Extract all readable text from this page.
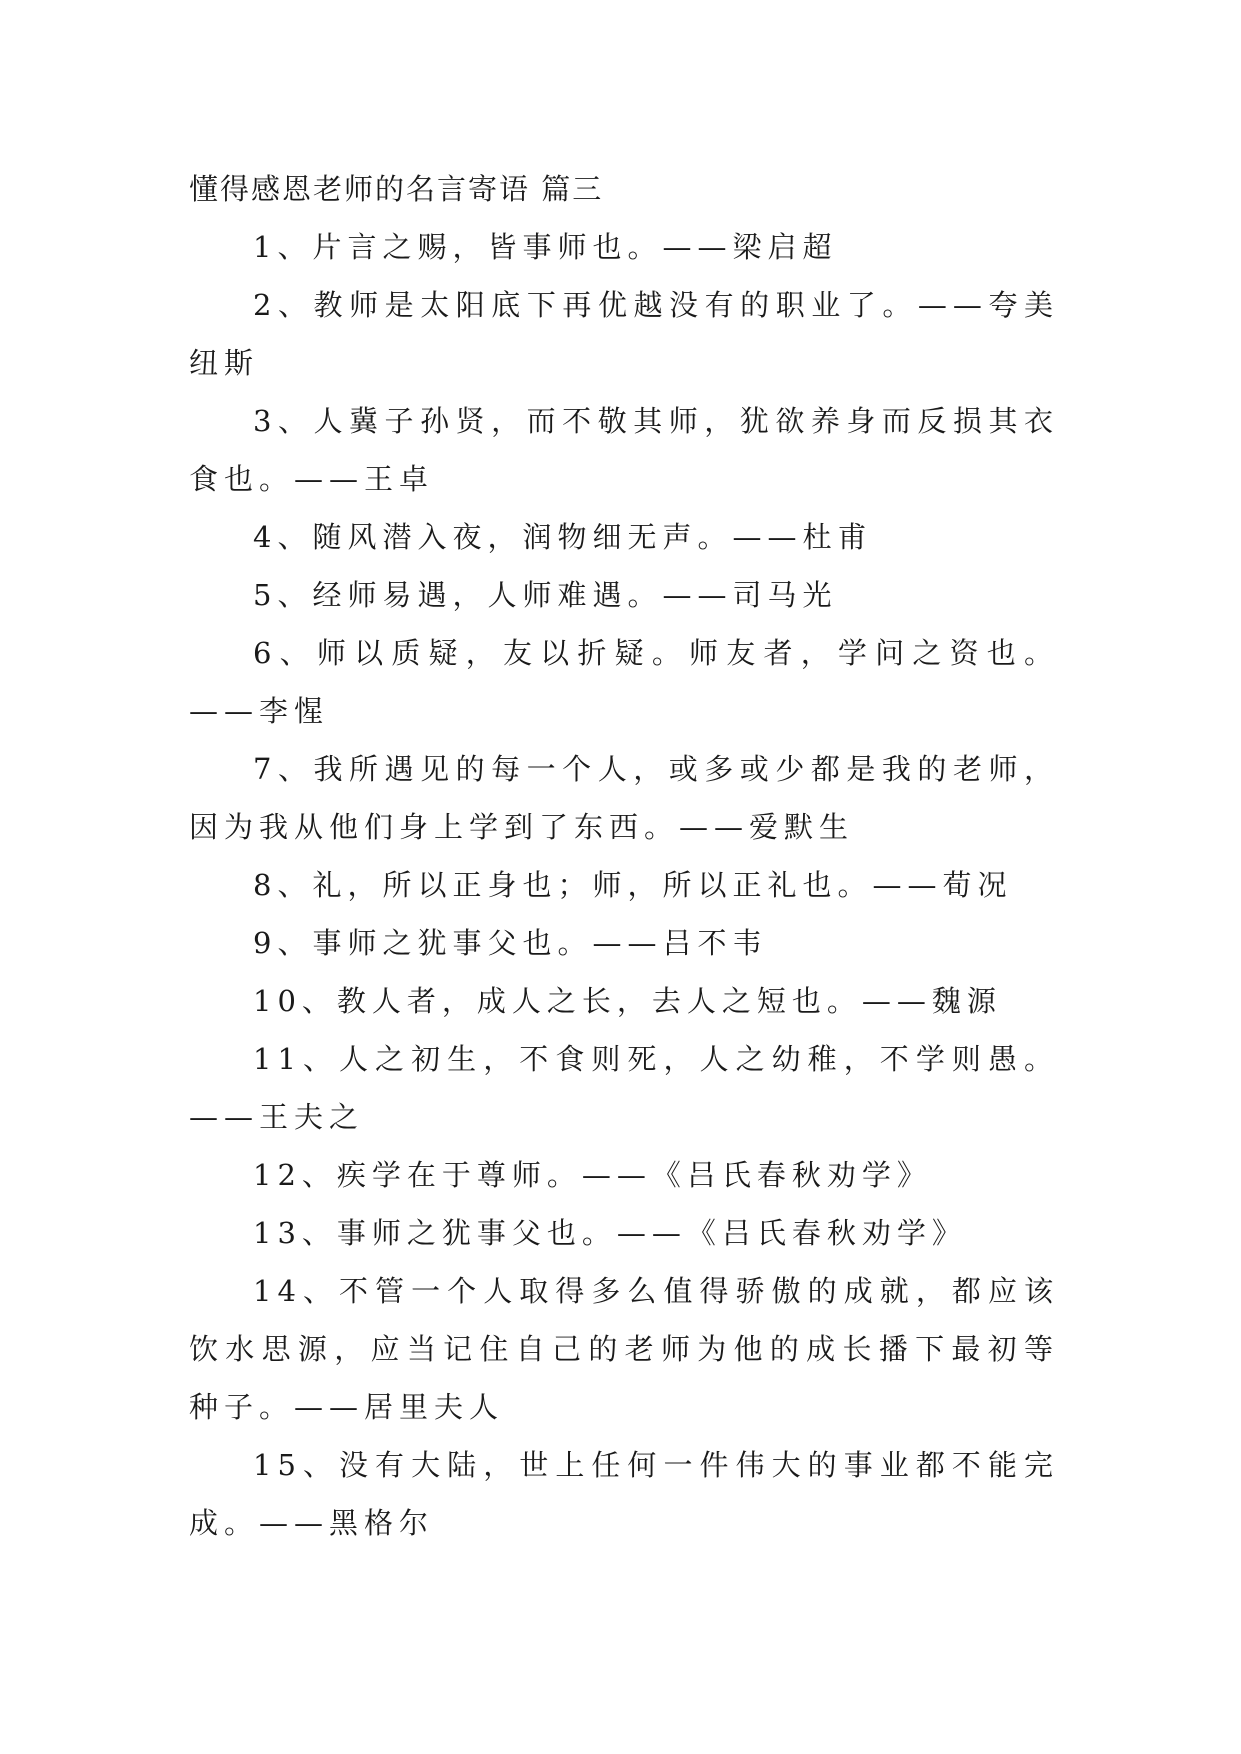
懂得感恩老师的名言寄语 篇三

1、片言之赐，皆事师也。——梁启超

2、教师是太阳底下再优越没有的职业了。——夸美纽斯

3、人冀子孙贤，而不敬其师，犹欲养身而反损其衣食也。——王卓

4、随风潜入夜，润物细无声。——杜甫

5、经师易遇，人师难遇。——司马光

6、师以质疑，友以折疑。师友者，学问之资也。——李惺

7、我所遇见的每一个人，或多或少都是我的老师，因为我从他们身上学到了东西。——爱默生

8、礼，所以正身也；师，所以正礼也。——荀况

9、事师之犹事父也。——吕不韦

10、教人者，成人之长，去人之短也。——魏源

11、人之初生，不食则死，人之幼稚，不学则愚。——王夫之

12、疾学在于尊师。——《吕氏春秋劝学》

13、事师之犹事父也。——《吕氏春秋劝学》

14、不管一个人取得多么值得骄傲的成就，都应该饮水思源，应当记住自己的老师为他的成长播下最初等种子。——居里夫人

15、没有大陆，世上任何一件伟大的事业都不能完成。——黑格尔
